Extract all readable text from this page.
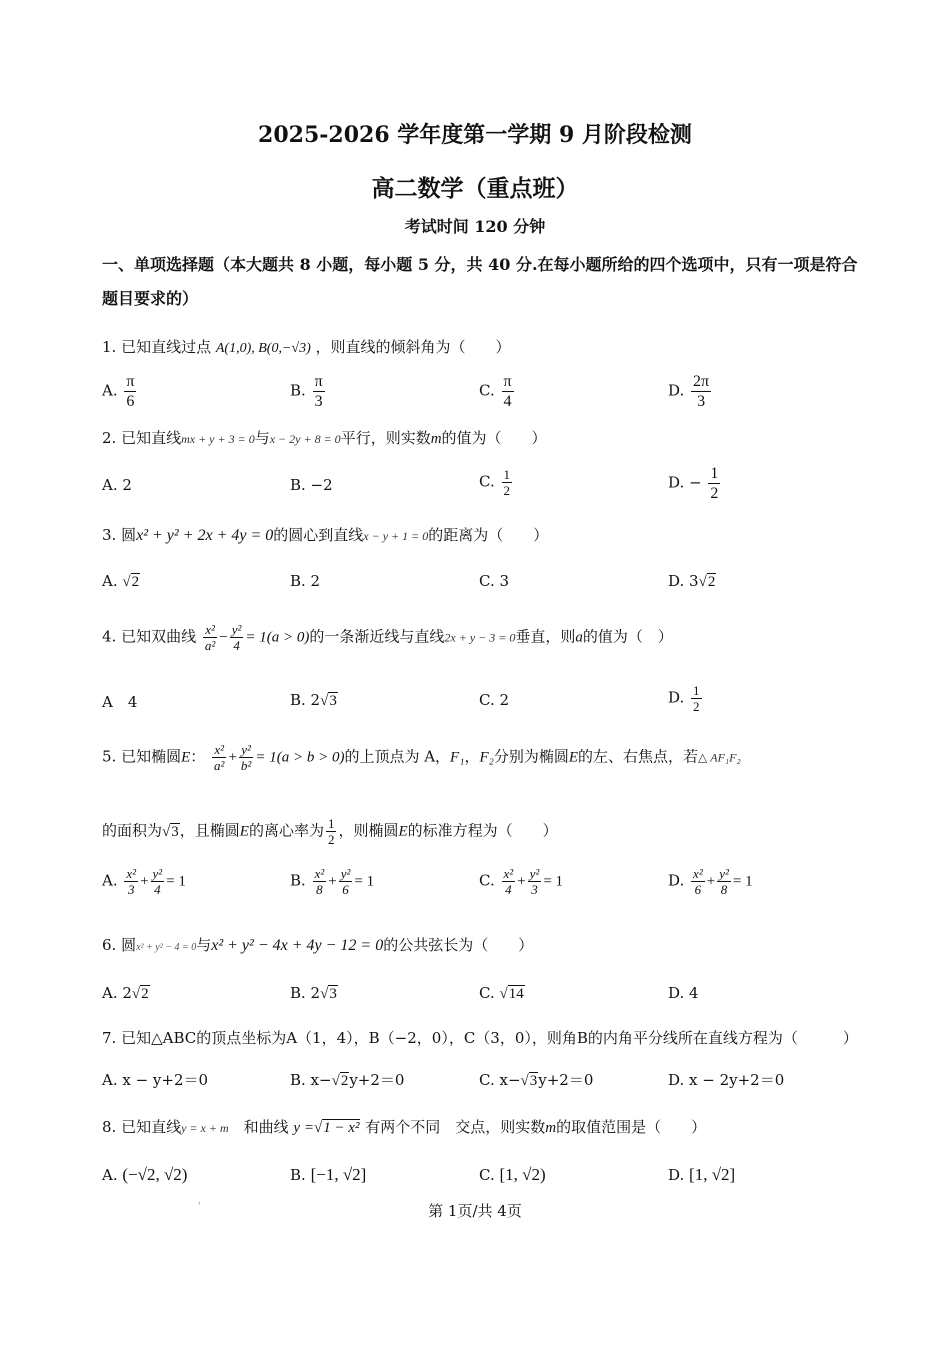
2025-2026 学年度第一学期 9 月阶段检测
高二数学（重点班）
考试时间 120 分钟
一、单项选择题（本大题共 8 小题，每小题 5 分，共 40 分.在每小题所给的四个选项中，只有一项是符合题目要求的）
1. 已知直线过点 A(1,0), B(0,−√3) ，则直线的倾斜角为（　　）
A. $\frac{\pi}{6}$	B. $\frac{\pi}{3}$	C. $\frac{\pi}{4}$	D. $\frac{2\pi}{3}$
2. 已知直线mx + y + 3 = 0与x − 2y + 8 = 0平行，则实数m的值为（　　）
A. 2	B. −2	C. $\frac{1}{2}$	D. − $\frac{1}{2}$
3. 圆x² + y² + 2x + 4y = 0的圆心到直线x − y + 1 = 0的距离为（　　）
A. √2	B. 2	C. 3	D. 3√2
4. 已知双曲线 $\frac{\text{x²}}{\text{a²}} - \frac{\text{y²}}{4} = 1(a > 0)$的一条渐近线与直线2x + y − 3 = 0垂直，则a的值为（　）
A　4	B. 2√3	C. 2	D. $\frac{1}{2}$
5. 已知椭圆E： $\frac{\text{x²}}{\text{a²}} + \frac{\text{y²}}{\text{b²}} = 1(a > b > 0)$的上顶点为 A，F₁，F₂分别为椭圆E的左、右焦点，若△ AF₁F₂
的面积为√3，且椭圆E的离心率为 $\frac{1}{2}$ ，则椭圆E的标准方程为（　　）
A. $\frac{\text{x²}}{3} + \frac{\text{y²}}{4} = 1$	B. $\frac{\text{x²}}{8} + \frac{\text{y²}}{6} = 1$	C. $\frac{\text{x²}}{4} + \frac{\text{y²}}{3} = 1$	D. $\frac{\text{x²}}{6} + \frac{\text{y²}}{8} = 1$
6. 圆x² + y² − 4 = 0与x² + y² − 4x + 4y − 12 = 0的公共弦长为（　　）
A. 2√2	B. 2√3	C. √14	D. 4
7. 已知△ABC的顶点坐标为A（1，4），B（−2，0），C（3，0），则角B的内角平分线所在直线方程为（　　　）
A. x − y+2＝0	B. x−√2y+2＝0	C. x−√3y+2＝0	D. x − 2y+2＝0
8. 已知直线y = x + m　 和曲线 y =√1 − x² 有两个不同　交点，则实数m的取值范围是（　　）
A. (−√2, √2)	B. [−1, √2]	C. [1, √2)	D. [1, √2]
'	第 1页/共 4页
